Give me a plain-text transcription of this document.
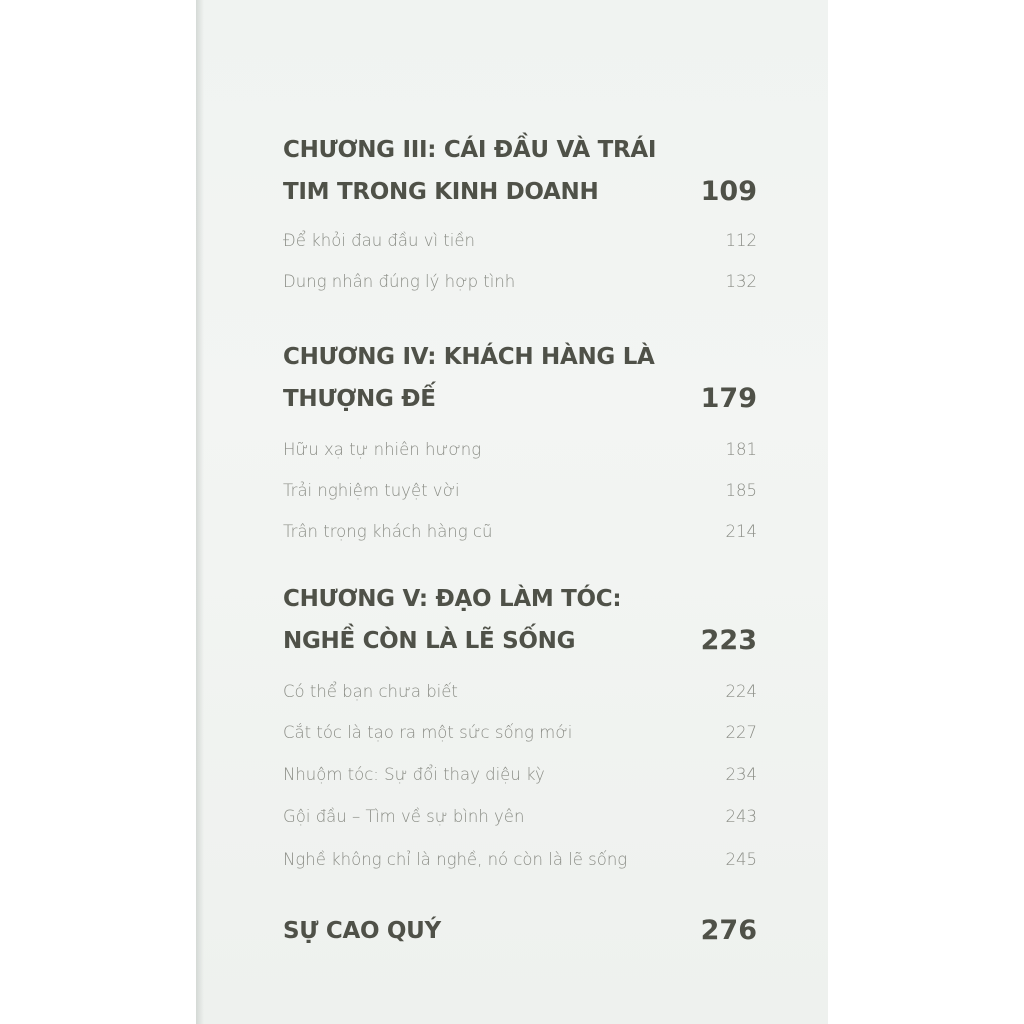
CHƯƠNG III: CÁI ĐẦU VÀ TRÁI
TIM TRONG KINH DOANH	109
Để khỏi đau đầu vì tiền	112
Dung nhân đúng lý hợp tình	132
CHƯƠNG IV: KHÁCH HÀNG LÀ
THƯỢNG ĐẾ	179
Hữu xạ tự nhiên hương	181
Trải nghiệm tuyệt vời	185
Trân trọng khách hàng cũ	214
CHƯƠNG V: ĐẠO LÀM TÓC:
NGHỀ CÒN LÀ LẼ SỐNG	223
Có thể bạn chưa biết	224
Cắt tóc là tạo ra một sức sống mới	227
Nhuộm tóc: Sự đổi thay diệu kỳ	234
Gội đầu – Tìm về sự bình yên	243
Nghề không chỉ là nghề, nó còn là lẽ sống	245
SỰ CAO QUÝ	276
